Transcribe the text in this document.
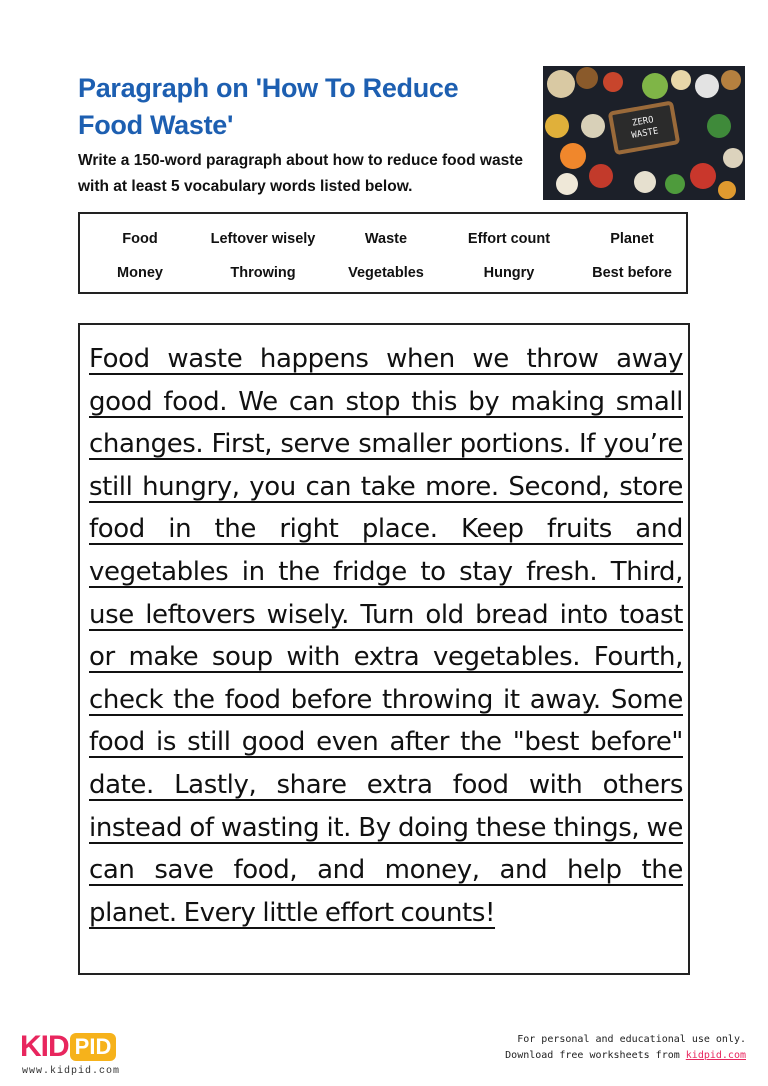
Paragraph on 'How To Reduce Food Waste'
Write a 150-word paragraph about how to reduce food waste with at least 5 vocabulary words listed below.
ZEROWASTE
Food	Leftover wisely	Waste	Effort count	Planet
Money	Throwing	Vegetables	Hungry	Best before
Food waste happens when we throw away good food. We can stop this by making small changes. First, serve smaller portions. If you’re still hungry, you can take more. Second, store food in the right place. Keep fruits and vegetables in the fridge to stay fresh. Third, use leftovers wisely. Turn old bread into toast or make soup with extra vegetables. Fourth, check the food before throwing it away. Some food is still good even after the "best before" date. Lastly, share extra food with others instead of wasting it. By doing these things, we can save food, and money, and help the planet. Every little effort counts!
KID PID
www.kidpid.com
For personal and educational use only.
Download free worksheets from kidpid.com
